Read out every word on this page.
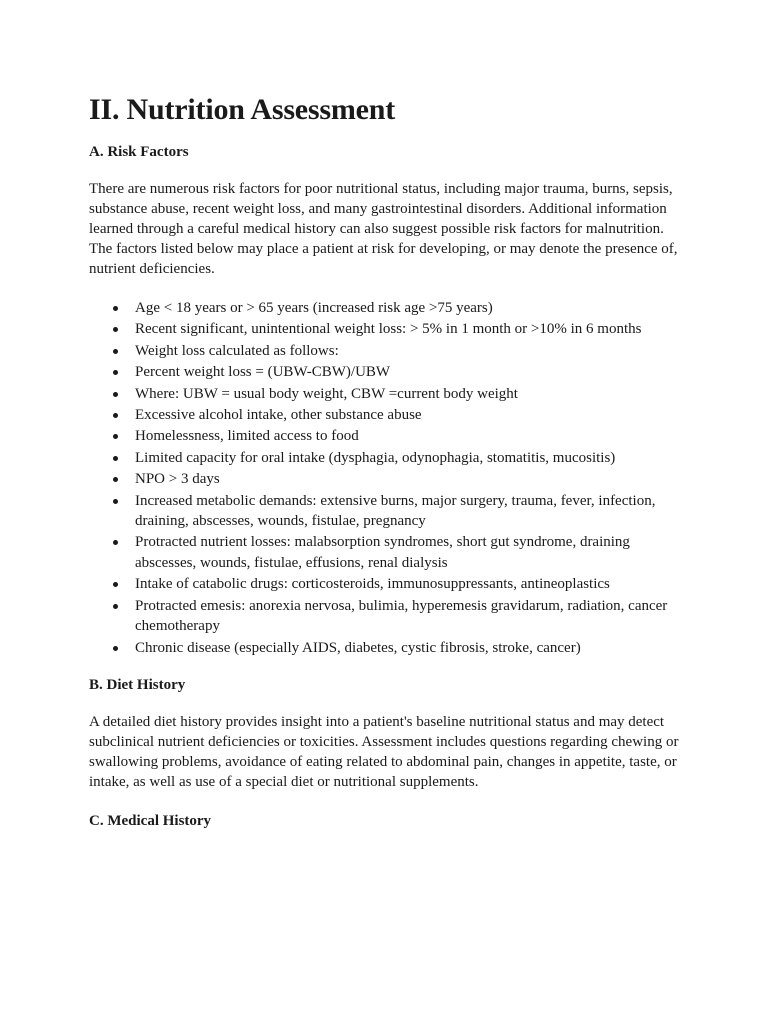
II. Nutrition Assessment
A. Risk Factors

There are numerous risk factors for poor nutritional status, including major trauma, burns, sepsis, substance abuse, recent weight loss, and many gastrointestinal disorders. Additional information learned through a careful medical history can also suggest possible risk factors for malnutrition. The factors listed below may place a patient at risk for developing, or may denote the presence of, nutrient deficiencies.

Age < 18 years or > 65 years (increased risk age >75 years)
Recent significant, unintentional weight loss: > 5% in 1 month or >10% in 6 months
Weight loss calculated as follows:
Percent weight loss = (UBW-CBW)/UBW
Where: UBW = usual body weight, CBW =current body weight
Excessive alcohol intake, other substance abuse
Homelessness, limited access to food
Limited capacity for oral intake (dysphagia, odynophagia, stomatitis, mucositis)
NPO > 3 days
Increased metabolic demands: extensive burns, major surgery, trauma, fever, infection, draining, abscesses, wounds, fistulae, pregnancy
Protracted nutrient losses: malabsorption syndromes, short gut syndrome, draining abscesses, wounds, fistulae, effusions, renal dialysis
Intake of catabolic drugs: corticosteroids, immunosuppressants, antineoplastics
Protracted emesis: anorexia nervosa, bulimia, hyperemesis gravidarum, radiation, cancer chemotherapy
Chronic disease (especially AIDS, diabetes, cystic fibrosis, stroke, cancer)
B. Diet History

A detailed diet history provides insight into a patient's baseline nutritional status and may detect subclinical nutrient deficiencies or toxicities. Assessment includes questions regarding chewing or swallowing problems, avoidance of eating related to abdominal pain, changes in appetite, taste, or intake, as well as use of a special diet or nutritional supplements.

C. Medical History
